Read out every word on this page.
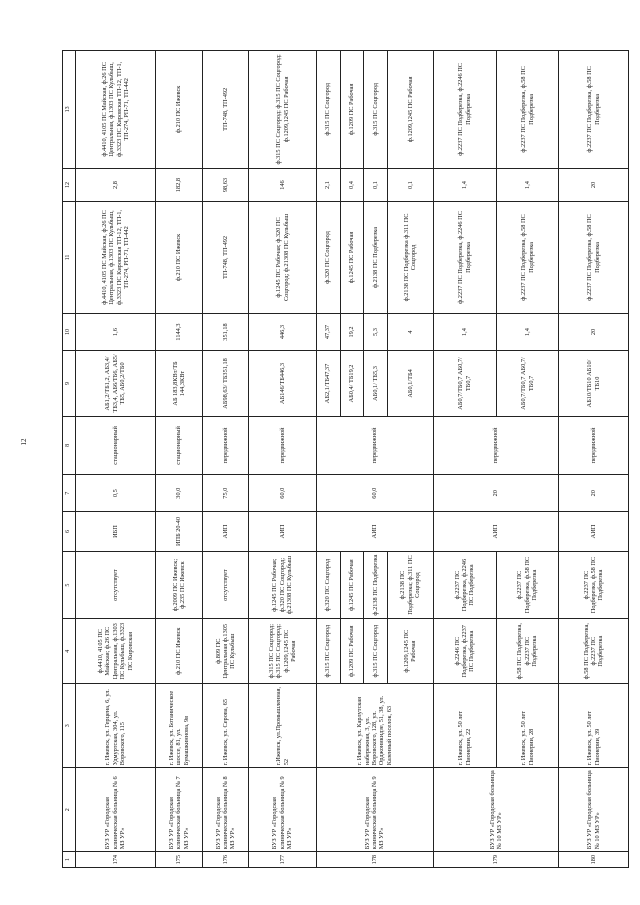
12
1	2	3	4	5	6	7	8	9	10	11	12	13
174	БУЗ УР «Городская клиническая больница № 6 МЗ УР»	г. Ижевск, ул. Герцена, 6, ул. Удмуртская, 304, ул. Воровского, 115	ф.4410, 4105 ПС Майская; ф.26 ПС Центральная, ф.1303 ПС Кульбыш, ф.3323 ПС Кировская	отсутствует	ИБП	0,5	стационарный	АБ1,2/ТБ1,2, АБ3,4/ТБ3,4, АБ6/ТБ6, АБ5/ТБ5, АБ0,2/ТБ0	1,6	ф.4410, 4105 ПС Майская, ф.26 ПС Центральная, ф.1303 ПС Кульбыш, ф.3323 ПС Кировская ТП-12, ТП-1, ТП-274, РП-71, ТП-442	2,8	ф.4410, 4105 ПС Майская, ф.26 ПС Центральная, ф.1303 ПС Кульбыш, ф.3323 ПС Кировская ТП-12, ТП-1, ТП-274, РП-71, ТП-442
175	БУЗ УР «Городская клиническая больница № 7 МЗ УР»	г. Ижевск, ул. Ботаническое шоссе, 81, ул. Бумашкиннова, 9в	ф.210 ПС Ижевск	ф.2009 ПС Ижевск; ф.235 ПС Ижевск	ИПБ 20-40	30,0	стационарный	АБ 183,8КВт/ТБ 144,3КВт	1144,3	ф.210 ПС Ижевск	182,8	ф.210 ПС Ижевск
176	БУЗ УР «Городская клиническая больница № 8 МЗ УР»	г. Ижевск, ул. Серова, 65	ф.809 ПС Центральная ф.1305 ПС Кульбыш	отсутствует	АИП	75,0	передвижной	АБ98,63/ ТБ351,18	351,18	ТП-748, ТП-492	98,63	ТП-748, ТП-492
177	БУЗ УР «Городская клиническая больница № 9 МЗ УР»	г.Ижевск, ул.Промышленная, 52	ф.315 ПС Соцгород; ф.315 ПС Соцгород; ф.1209,1245 ПС Рабочая	ф.1245 ПС Рабочая; ф.320 ПС Соцгород; ф.21308 ПС Кульбыш	АИП	60,0	передвижной	АБ146/ТБ446,3	446,3	ф.1245 ПС Рабочая; ф.320 ПС Соцгород; ф.21308 ПС Кульбыш	146	ф.315 ПС Соцгород; ф.315 ПС Соцгород; ф.1209,1245 ПС Рабочая
178	БУЗ УР «Городская клиническая больница № 9 МЗ УР»	г. Ижевск, ул. Карлутская набережная, 3, ул. Воровского, 128, ул. Орджоникидзе, 51, 38, ул. Казенный поселок, 63	ф.315 ПС Соцгород	ф.320 ПС Соцгород	АИП	60,0	передвижной	АБ2,1/ТБ47,37	47,37	ф.320 ПС Соцгород	2,1	ф.315 ПС Соцгород
			ф.1209 ПС Рабочая	ф.1245 ПС Рабочая				АБ0,4/ ТБ19,2	19,2	ф.1245 ПС Рабочая	0,4	ф.1209 ПС Рабочая
			ф.315 ПС Соцгород	ф.2138 ПС Подберезка				АБ0,1/ ТБ5,3	5,3	ф.2138 ПС Подберезка	0,1	ф.315 ПС Соцгород
			ф.1209,1245 ПС Рабочая	ф.2138 ПС Подберезка; ф.311 ПС Соцгород				АБ0,1/ТБ4	4	ф.2138 ПС Подберезка ф.311 ПС Соцгород	0,1	ф.1209,1245 ПС Рабочая
179	БУЗ УР «Городская больница № 10 МЗ УР»	г. Ижевск, ул. 50 лет Пионерии, 22	ф.2246 ПС Подберезка, ф.2237 ПС Подберезка	ф.2237 ПС Подберезка, ф.2246 ПС Подберезка	АИП	20	передвижной	АБ0,7/ТБ0,7 АБ0,7/ТБ0,7	1,4	ф.2237 ПС Подберезка, ф.2246 ПС Подберезка	1,4	ф.2237 ПС Подберезка, ф.2246 ПС Подберезка
		г. Ижевск, ул. 50 лет Пионерии, 28	ф.58 ПС Подберезка, ф.2237 ПС Подберезка	ф.2237 ПС Подберезка, ф.58 ПС Подберезка				АБ0,7/ТБ0,7 АБ0,7/ТБ0,7	1,4	ф.2237 ПС Подберезка, ф.58 ПС Подберезка	1,4	ф.2237 ПС Подберезка, ф.58 ПС Подберезка
180	БУЗ УР «Городская больница № 10 МЗ УР»	г. Ижевск, ул. 50 лет Пионерии, 39	ф.58 ПС Подберезка, ф.2237 ПС Подберезка	ф.2237 ПС Подберезка, ф.58 ПС Подберезка	АИП	20	передвижной	АБ10/ТБ10 АБ10/ТБ10	20	ф.2237 ПС Подберезка, ф.58 ПС Подберезка	20	ф.2237 ПС Подберезка, ф.58 ПС Подберезка
